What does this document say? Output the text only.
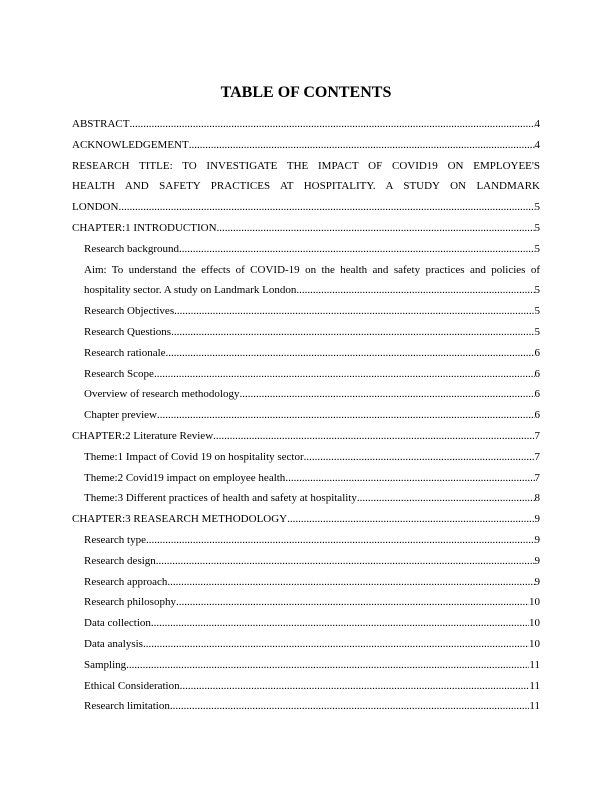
TABLE OF CONTENTS
ABSTRACT .....	4
ACKNOWLEDGEMENT .....	4
RESEARCH TITLE: TO INVESTIGATE THE IMPACT OF COVID19 ON EMPLOYEE'S
HEALTH AND SAFETY PRACTICES AT HOSPITALITY. A STUDY ON LANDMARK
LONDON .....	5
CHAPTER:1 INTRODUCTION .....	5
Research background .....	5
Aim: To understand the effects of COVID-19 on the health and safety practices and policies of
hospitality sector. A study on Landmark London .....	5
Research Objectives .....	5
Research Questions .....	5
Research rationale .....	6
Research Scope .....	6
Overview of research methodology .....	6
Chapter preview .....	6
CHAPTER:2 Literature Review .....	7
Theme:1 Impact of Covid 19 on hospitality sector .....	7
Theme:2 Covid19 impact on employee health .....	7
Theme:3 Different practices of health and safety at hospitality .....	8
CHAPTER:3 REASEARCH METHODOLOGY .....	9
Research type .....	9
Research design .....	9
Research approach .....	9
Research philosophy .....	10
Data collection .....	10
Data analysis .....	10
Sampling .....	11
Ethical Consideration .....	11
Research limitation .....	11
